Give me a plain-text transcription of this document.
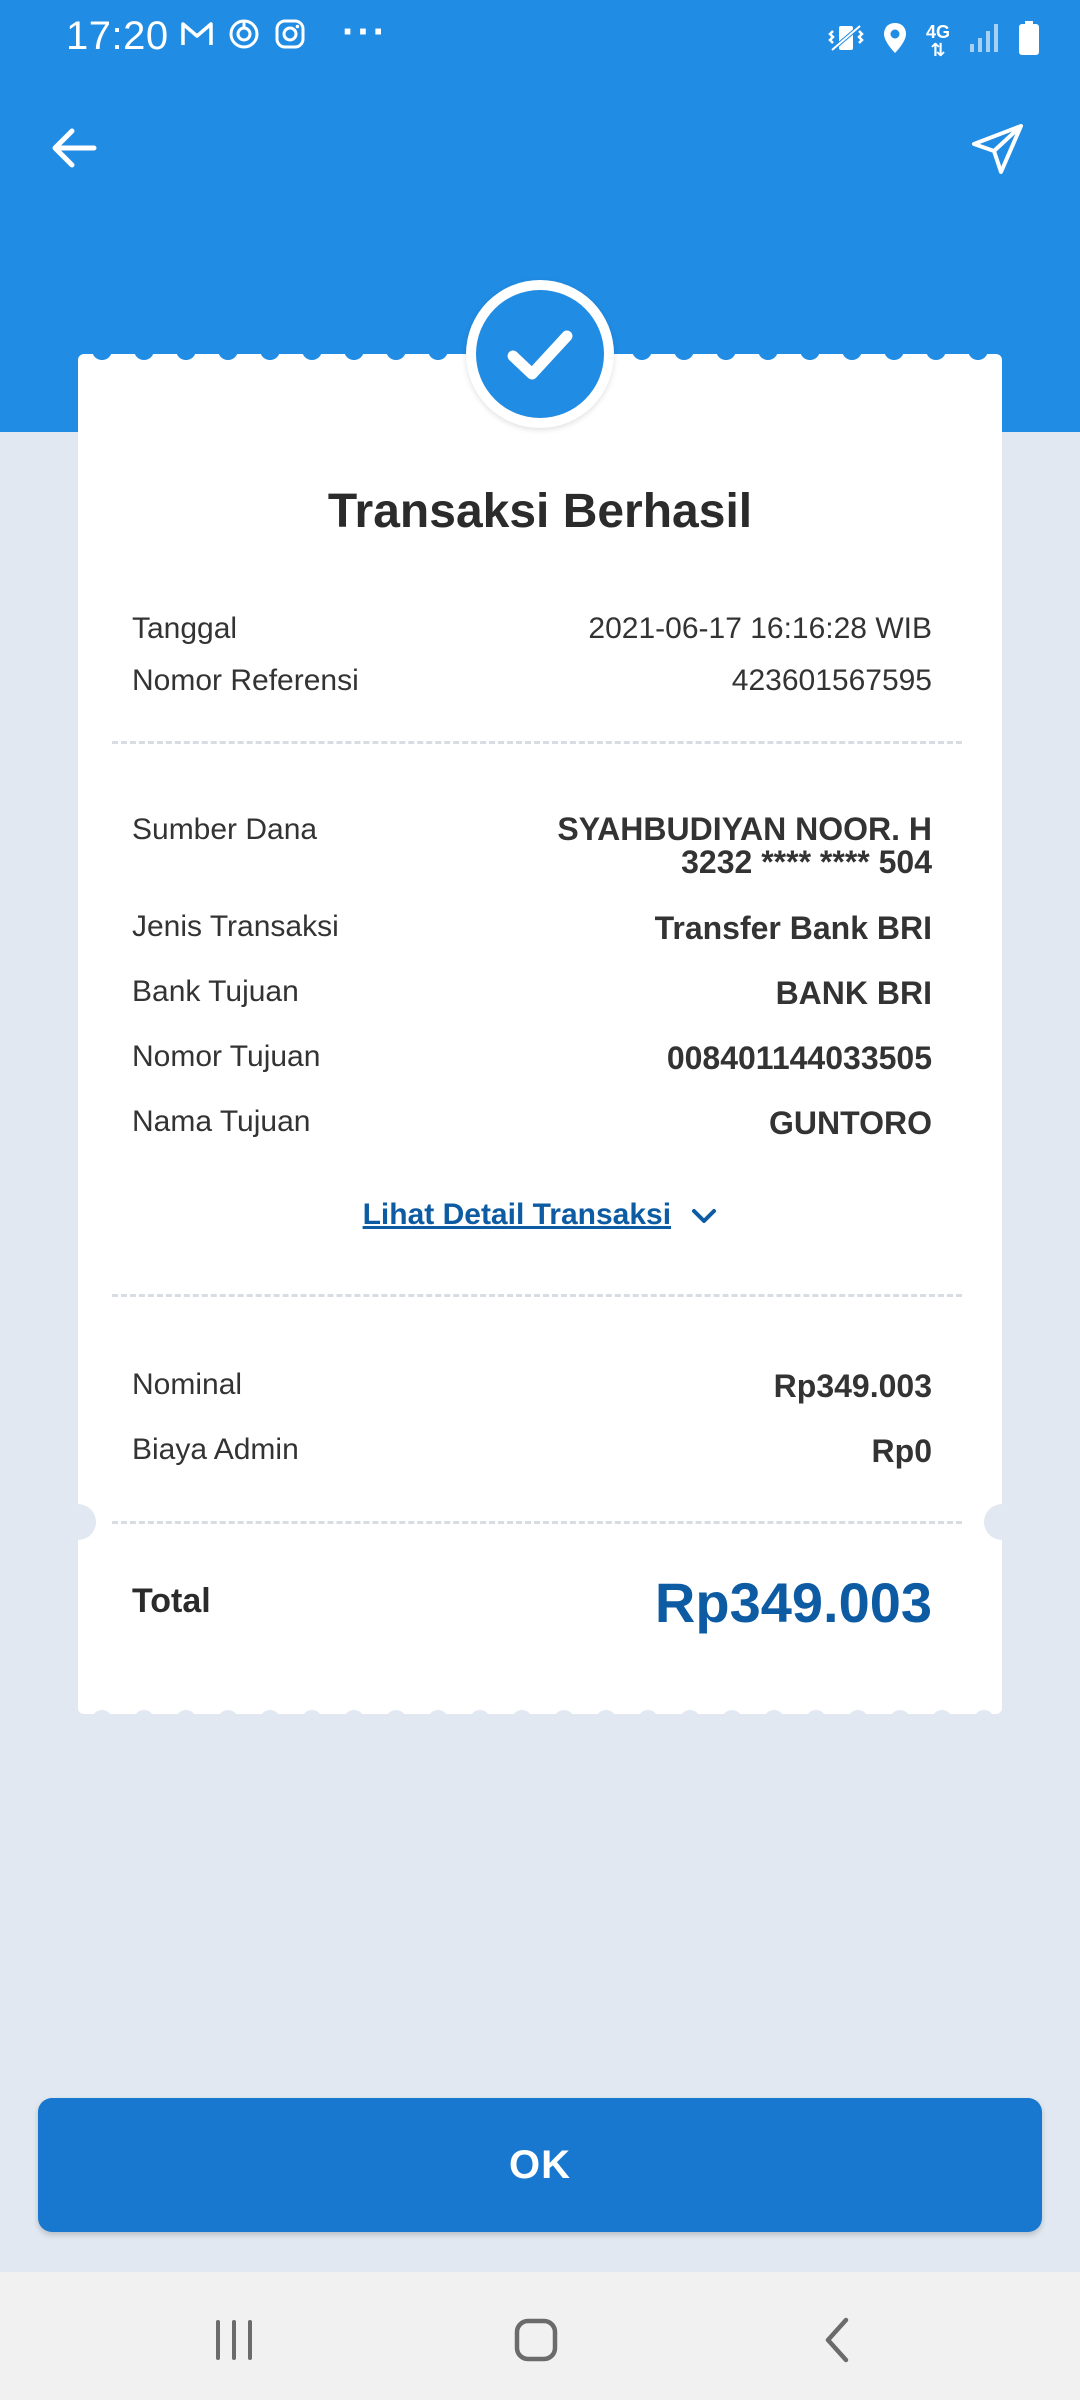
17:20	···	4G
⇅
Transaksi Berhasil
Tanggal	2021-06-17 16:16:28 WIB
Nomor Referensi	423601567595
Sumber Dana	SYAHBUDIYAN NOOR. H
3232 **** **** 504
Jenis Transaksi	Transfer Bank BRI
Bank Tujuan	BANK BRI
Nomor Tujuan	008401144033505
Nama Tujuan	GUNTORO
Lihat Detail Transaksi
Nominal	Rp349.003
Biaya Admin	Rp0
Total	Rp349.003
OK
